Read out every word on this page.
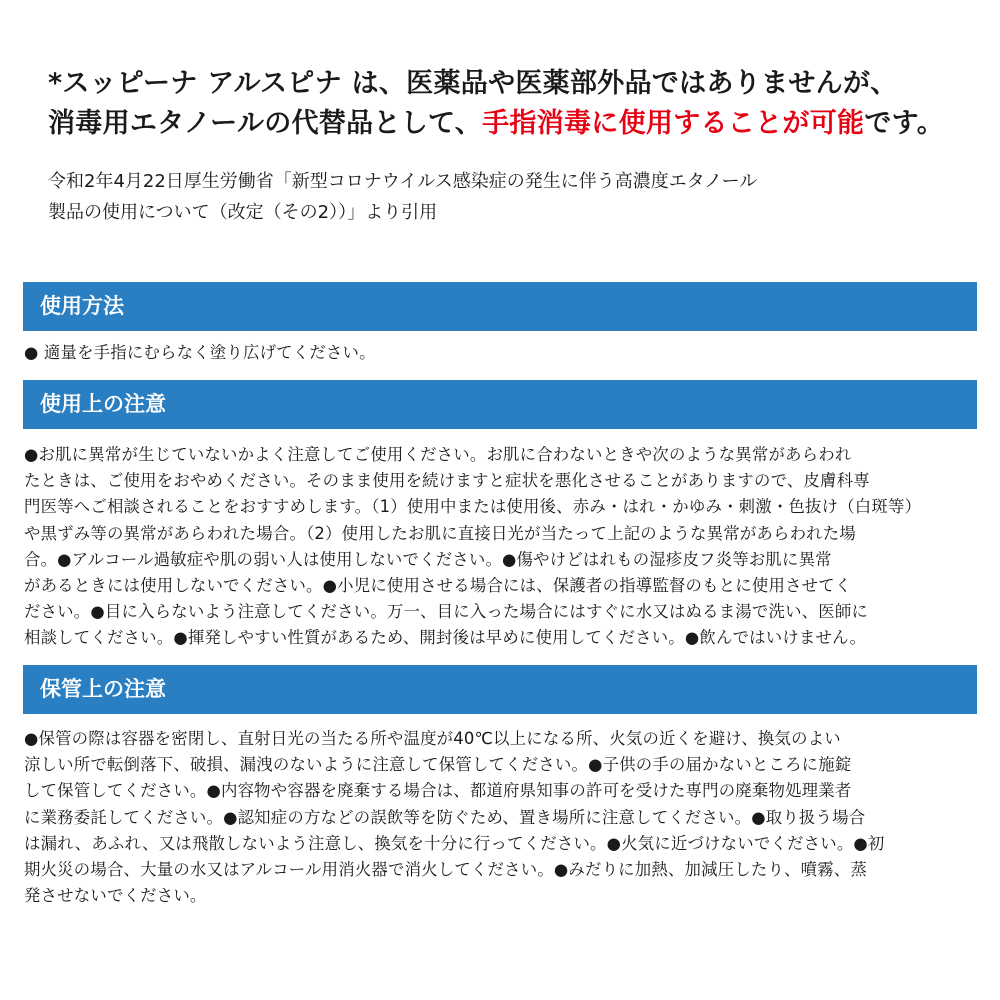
*スッピーナ アルスピナ は、医薬品や医薬部外品ではありませんが、
消毒用エタノールの代替品として、手指消毒に使用することが可能です。
令和2年4月22日厚生労働省「新型コロナウイルス感染症の発生に伴う高濃度エタノール
製品の使用について（改定（その2））」より引用
使用方法
● 適量を手指にむらなく塗り広げてください。
使用上の注意
●お肌に異常が生じていないかよく注意してご使用ください。お肌に合わないときや次のような異常があらわれ
たときは、ご使用をおやめください。そのまま使用を続けますと症状を悪化させることがありますので、皮膚科専
門医等へご相談されることをおすすめします。（1）使用中または使用後、赤み・はれ・かゆみ・刺激・色抜け（白斑等）
や黒ずみ等の異常があらわれた場合。（2）使用したお肌に直接日光が当たって上記のような異常があらわれた場
合。●アルコール過敏症や肌の弱い人は使用しないでください。●傷やけどはれもの湿疹皮フ炎等お肌に異常
があるときには使用しないでください。●小児に使用させる場合には、保護者の指導監督のもとに使用させてく
ださい。●目に入らないよう注意してください。万一、目に入った場合にはすぐに水又はぬるま湯で洗い、医師に
相談してください。●揮発しやすい性質があるため、開封後は早めに使用してください。●飲んではいけません。
保管上の注意
●保管の際は容器を密閉し、直射日光の当たる所や温度が40℃以上になる所、火気の近くを避け、換気のよい
涼しい所で転倒落下、破損、漏洩のないように注意して保管してください。●子供の手の届かないところに施錠
して保管してください。●内容物や容器を廃棄する場合は、都道府県知事の許可を受けた専門の廃棄物処理業者
に業務委託してください。●認知症の方などの誤飲等を防ぐため、置き場所に注意してください。●取り扱う場合
は漏れ、あふれ、又は飛散しないよう注意し、換気を十分に行ってください。●火気に近づけないでください。●初
期火災の場合、大量の水又はアルコール用消火器で消火してください。●みだりに加熱、加減圧したり、噴霧、蒸
発させないでください。
